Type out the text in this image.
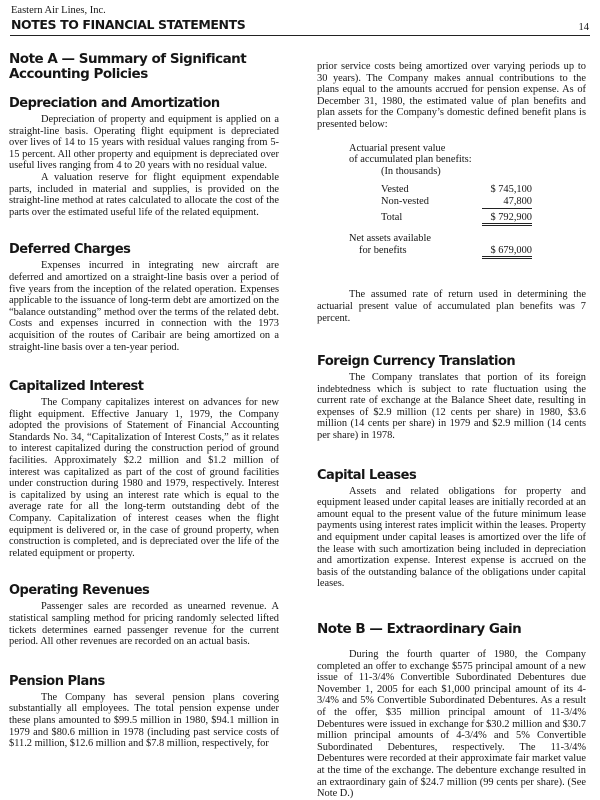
Eastern Air Lines, Inc.
NOTES TO FINANCIAL STATEMENTS	14
Note A — Summary of Significant
Accounting Policies
Depreciation and Amortization

Depreciation of property and equipment is applied on a straight-line basis. Operating flight equipment is depreciated over lives of 14 to 15 years with residual values ranging from 5-15 percent. All other property and equipment is depreciated over useful lives ranging from 4 to 20 years with no residual value.

A valuation reserve for flight equipment expendable parts, included in material and supplies, is provided on the straight-line method at rates calculated to allocate the cost of the parts over the estimated useful life of the related equipment.

Deferred Charges

Expenses incurred in integrating new aircraft are deferred and amortized on a straight-line basis over a period of five years from the inception of the related operation. Expenses applicable to the issuance of long-term debt are amortized on the “balance outstanding” method over the terms of the related debt. Costs and expenses incurred in connection with the 1973 acquisition of the routes of Caribair are being amortized on a straight-line basis over a ten-year period.

Capitalized Interest

The Company capitalizes interest on advances for new flight equipment. Effective January 1, 1979, the Company adopted the provisions of Statement of Financial Accounting Standards No. 34, “Capitalization of Interest Costs,” as it relates to interest capitalized during the construction period of ground facilities. Approximately $2.2 million and $1.2 million of interest was capitalized as part of the cost of ground facilities under construction during 1980 and 1979, respectively. Interest is capitalized by using an interest rate which is equal to the average rate for all the long-term outstanding debt of the Company. Capitalization of interest ceases when the flight equipment is delivered or, in the case of ground property, when construction is completed, and is depreciated over the life of the related equipment or property.

Operating Revenues

Passenger sales are recorded as unearned revenue. A statistical sampling method for pricing randomly selected lifted tickets determines earned passenger revenue for the current period. All other revenues are recorded on an actual basis.

Pension Plans

The Company has several pension plans covering substantially all employees. The total pension expense under these plans amounted to $99.5 million in 1980, $94.1 million in 1979 and $80.6 million in 1978 (including past service costs of $11.2 million, $12.6 million and $7.8 million, respectively, for

prior service costs being amortized over varying periods up to 30 years). The Company makes annual contributions to the plans equal to the amounts accrued for pension expense. As of December 31, 1980, the estimated value of plan benefits and plan assets for the Company’s domestic defined benefit plans is presented below:

Actuarial present value
of accumulated plan benefits:
(In thousands)
Vested	$ 745,100
Non-vested	47,800
Total	$ 792,900
Net assets available
for benefits	$ 679,000

The assumed rate of return used in determining the actuarial present value of accumulated plan benefits was 7 percent.

Foreign Currency Translation

The Company translates that portion of its foreign indebtedness which is subject to rate fluctuation using the current rate of exchange at the Balance Sheet date, resulting in expenses of $2.9 million (12 cents per share) in 1980, $3.6 million (14 cents per share) in 1979 and $2.9 million (14 cents per share) in 1978.

Capital Leases

Assets and related obligations for property and equipment leased under capital leases are initially recorded at an amount equal to the present value of the future minimum lease payments using interest rates implicit within the leases. Property and equipment under capital leases is amortized over the life of the lease with such amortization being included in depreciation and amortization expense. Interest expense is accrued on the basis of the outstanding balance of the obligations under capital leases.

Note B — Extraordinary Gain

During the fourth quarter of 1980, the Company completed an offer to exchange $575 principal amount of a new issue of 11-3/4% Convertible Subordinated Debentures due November 1, 2005 for each $1,000 principal amount of its 4-3/4% and 5% Convertible Subordinated Debentures. As a result of the offer, $35 million principal amount of 11-3/4% Debentures were issued in exchange for $30.2 million and $30.7 million principal amounts of 4-3/4% and 5% Convertible Subordinated Debentures, respectively. The 11-3/4% Debentures were recorded at their approximate fair market value at the time of the exchange. The debenture exchange resulted in an extraordinary gain of $24.7 million (99 cents per share). (See Note D.)
